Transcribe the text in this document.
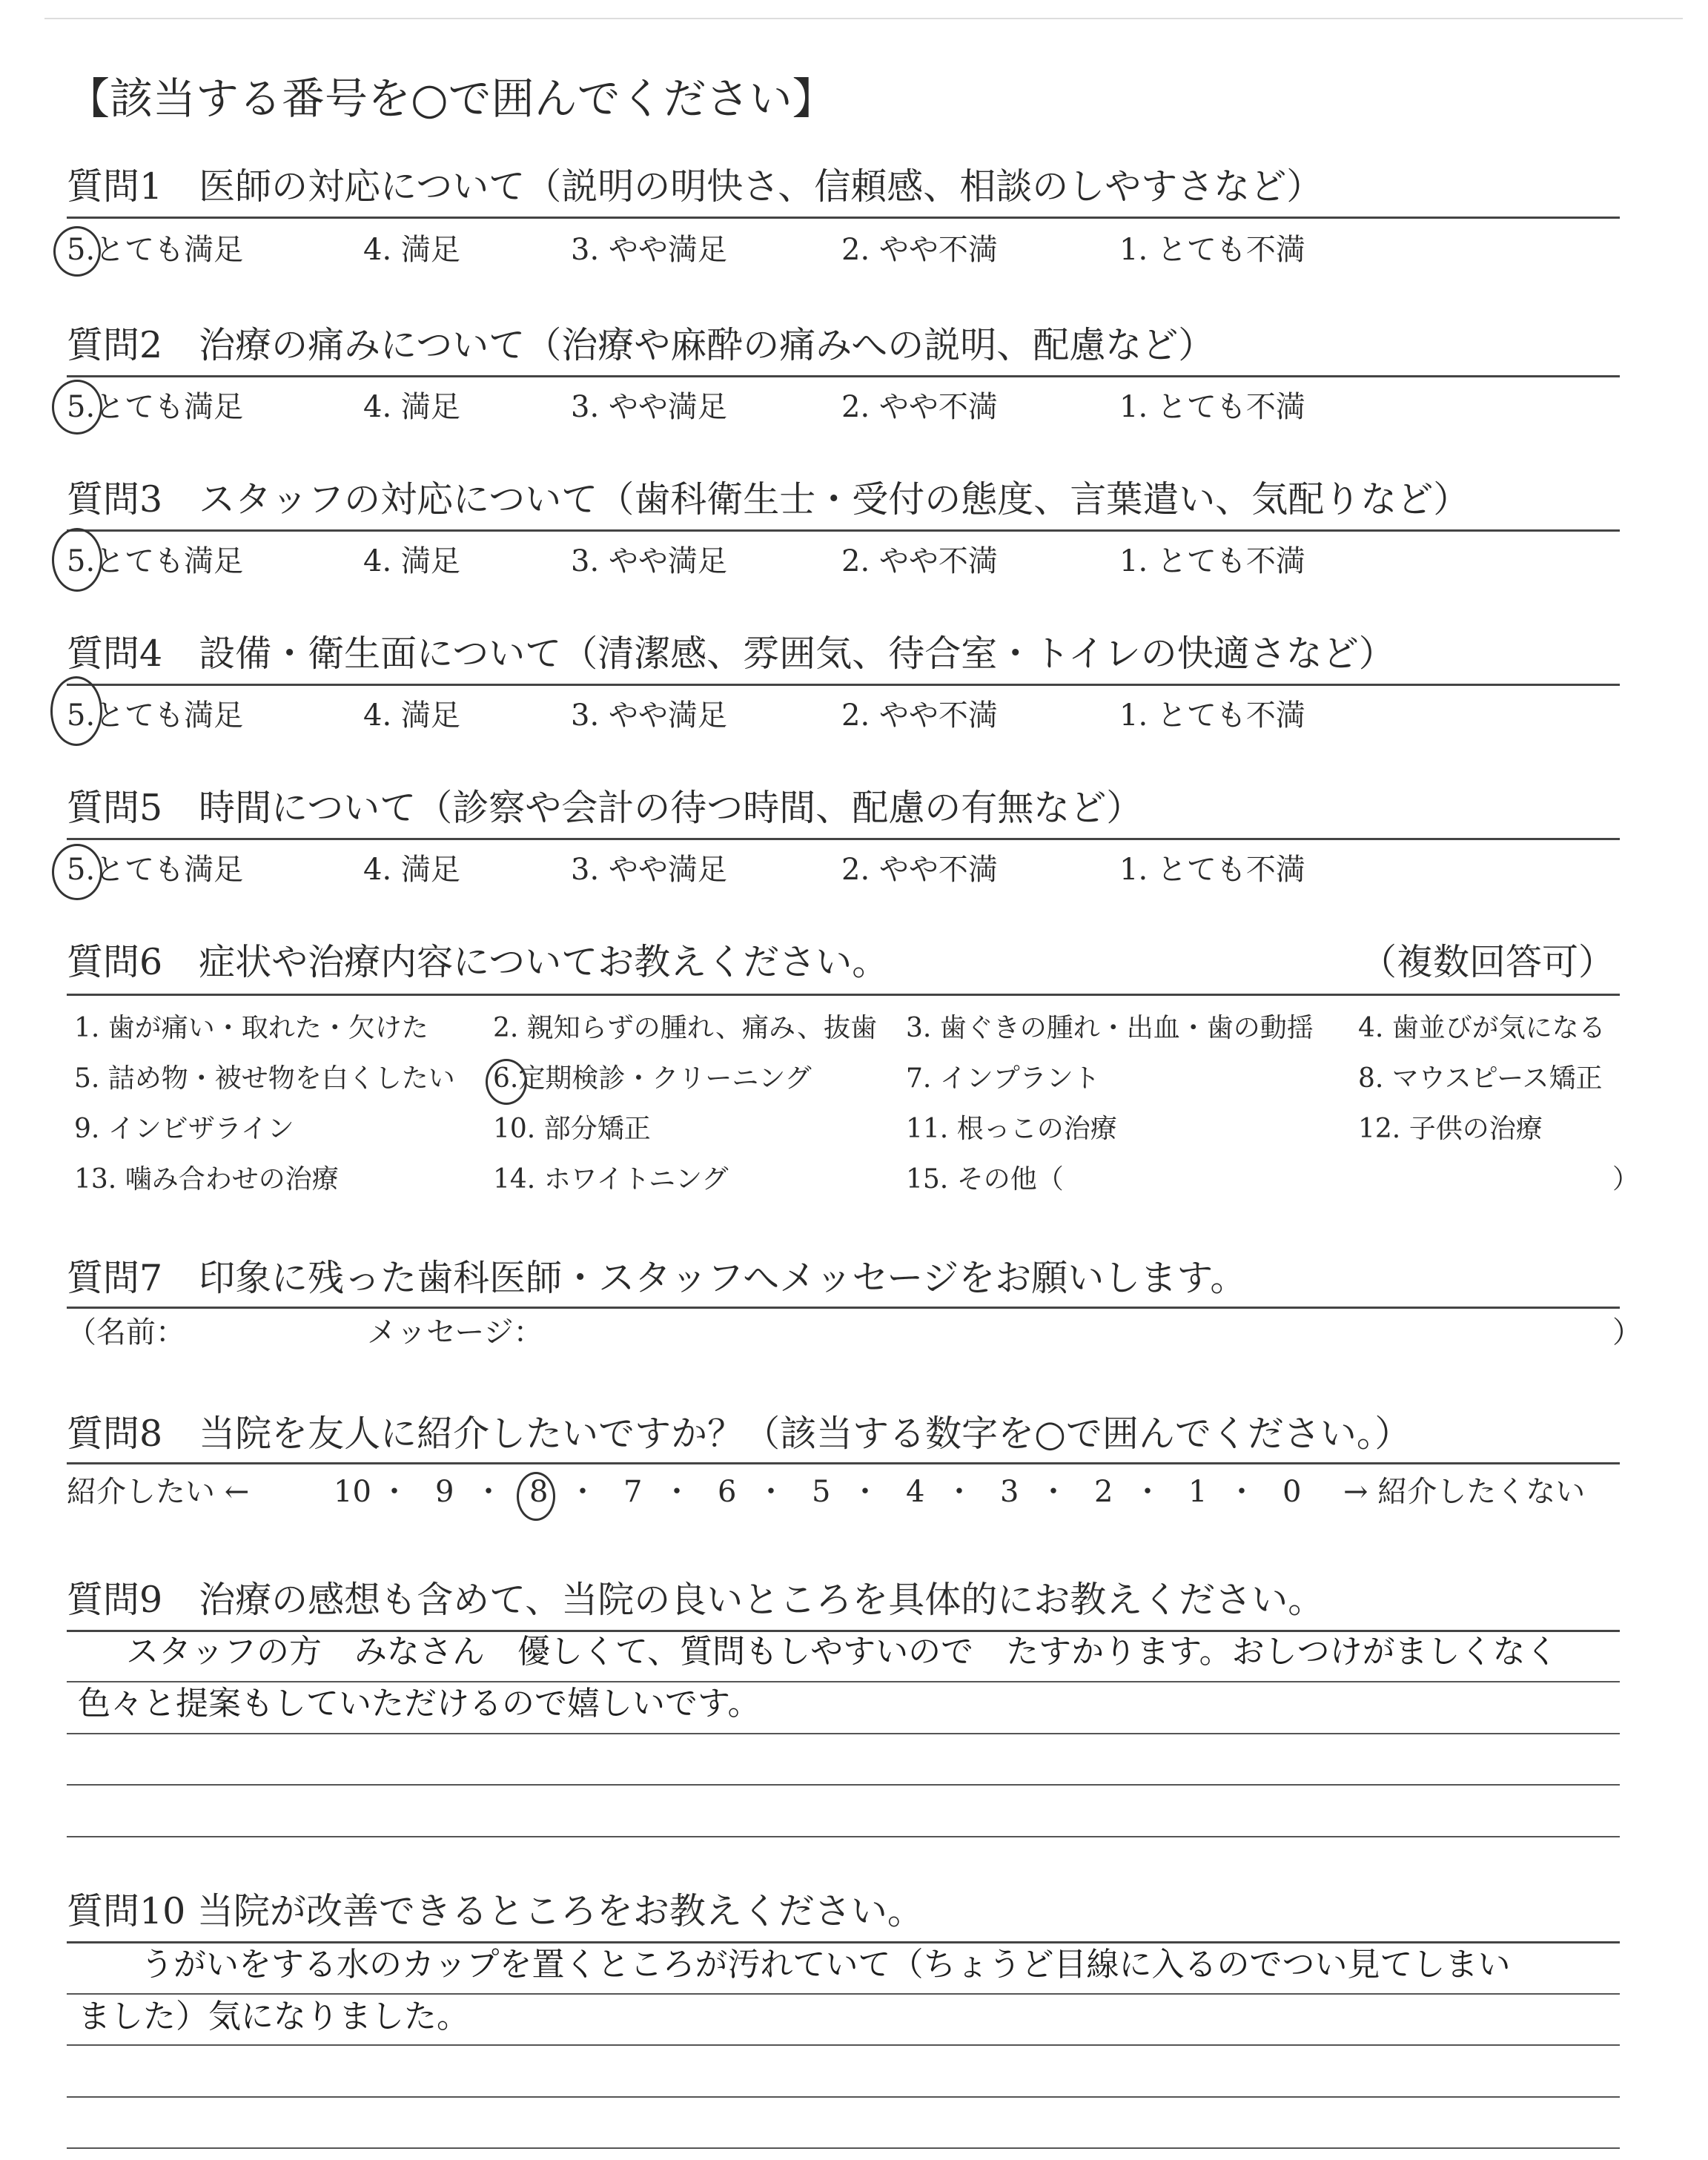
【該当する番号を○で囲んでください】
質問1　医師の対応について（説明の明快さ、信頼感、相談のしやすさなど）
5.とても満足	4. 満足	3. やや満足	2. やや不満	1. とても不満
質問2　治療の痛みについて（治療や麻酔の痛みへの説明、配慮など）
5.とても満足	4. 満足	3. やや満足	2. やや不満	1. とても不満
質問3　スタッフの対応について（歯科衛生士・受付の態度、言葉遣い、気配りなど）
5.とても満足	4. 満足	3. やや満足	2. やや不満	1. とても不満
質問4　設備・衛生面について（清潔感、雰囲気、待合室・トイレの快適さなど）
5.とても満足	4. 満足	3. やや満足	2. やや不満	1. とても不満
質問5　時間について（診察や会計の待つ時間、配慮の有無など）
5.とても満足	4. 満足	3. やや満足	2. やや不満	1. とても不満
質問6　症状や治療内容についてお教えください。	（複数回答可）
1. 歯が痛い・取れた・欠けた 2. 親知らずの腫れ、痛み、抜歯 3. 歯ぐきの腫れ・出血・歯の動揺 4. 歯並びが気になる
5. 詰め物・被せ物を白くしたい 6.定期検診・クリーニング	7. インプラント	8. マウスピース矯正
9. インビザライン	10. 部分矯正	11. 根っこの治療	12. 子供の治療
13. 噛み合わせの治療	14. ホワイトニング	15. その他（	）
質問7　印象に残った歯科医師・スタッフへメッセージをお願いします。
（名前：	メッセージ：	）
質問8　当院を友人に紹介したいですか？（該当する数字を○で囲んでください。）
紹介したい ←	10 ・ 9 ・ 8 ・ 7 ・ 6 ・ 5 ・ 4 ・ 3 ・ 2 ・ 1 ・ 0 → 紹介したくない
質問9　治療の感想も含めて、当院の良いところを具体的にお教えください。
スタッフの方　みなさん　優しくて、質問もしやすいので　たすかります。おしつけがましくなく
色々と提案もしていただけるので嬉しいです。
質問10 当院が改善できるところをお教えください。
うがいをする水のカップを置くところが汚れていて（ちょうど目線に入るのでつい見てしまい
ました）気になりました。
